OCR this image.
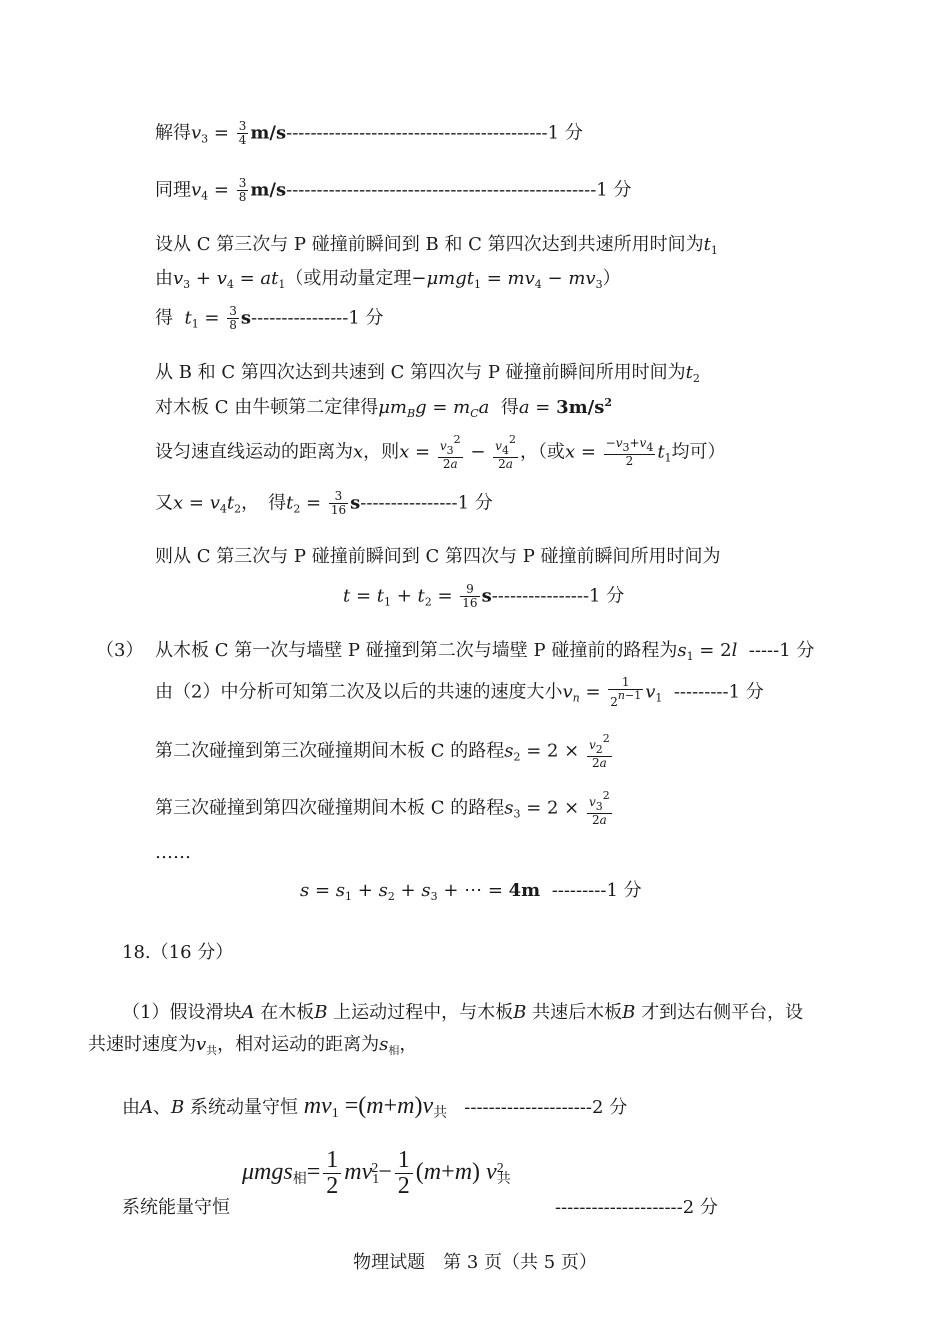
解得$v_3 = \frac{3}{4} m/s-------------------------------------------1$ 分
同理$v_4 = \frac{3}{8} m/s---------------------------------------------------1$ 分
设从 C 第三次与 P 碰撞前瞬间到 B 和 C 第四次达到共速所用时间为$t_1$
由$v_3 + v_4 = at_1$（或用动量定理$-\mu mgt_1 = mv_4 - mv_3$）
得 $t_1 = \frac{3}{8} s----------------1$ 分
从 B 和 C 第四次达到共速到 C 第四次与 P 碰撞前瞬间所用时间为$t_2$
对木板 C 由牛顿第二定律得$\mu m_Bg = m_Ca$ 得$a = 3m/s^2$
设匀速直线运动的距离为x，则$x = \frac{v_3^2}{2a} - \frac{v_4^2}{2a}$ ，（或$x = \frac{-v_3+v_4}{2} t_1$均可）
又$x = v_4t_2$，　得$t_2 = \frac{3}{16} s----------------1$ 分
则从 C 第三次与 P 碰撞前瞬间到 C 第四次与 P 碰撞前瞬间所用时间为
$t = t_1 + t_2 = \frac{9}{16} s----------------1$ 分
（3） 从木板 C 第一次与墙壁 P 碰撞到第二次与墙壁 P 碰撞前的路程为$s_1 = 2l$ -----1 分
由（2）中分析可知第二次及以后的共速的速度大小$v_n = \frac{1}{2^{n-1}} v_1$ ---------1 分
第二次碰撞到第三次碰撞期间木板 C 的路程$s_2 = 2 \times \frac{v_2^2}{2a}$
第三次碰撞到第四次碰撞期间木板 C 的路程$s_3 = 2 \times \frac{v_3^2}{2a}$
……
$s = s_1 + s_2 + s_3$ + ⋯ = 4m ---------1 分
18.（16 分）
（1）假设滑块A 在木板B 上运动过程中，与木板B 共速后木板B 才到达右侧平台，设
共速时速度为$v_共$，相对运动的距离为$s_相$，
由A、B 系统动量守恒 $mv_1 =(m+m)v_共$ ---------------------2 分
系统能量守恒
$\mu mgs_相= \frac{1}{2} mv_1^2- \frac{1}{2} (m+m)$ $v_共^2$
---------------------2 分
物理试题　第 3 页（共 5 页）
